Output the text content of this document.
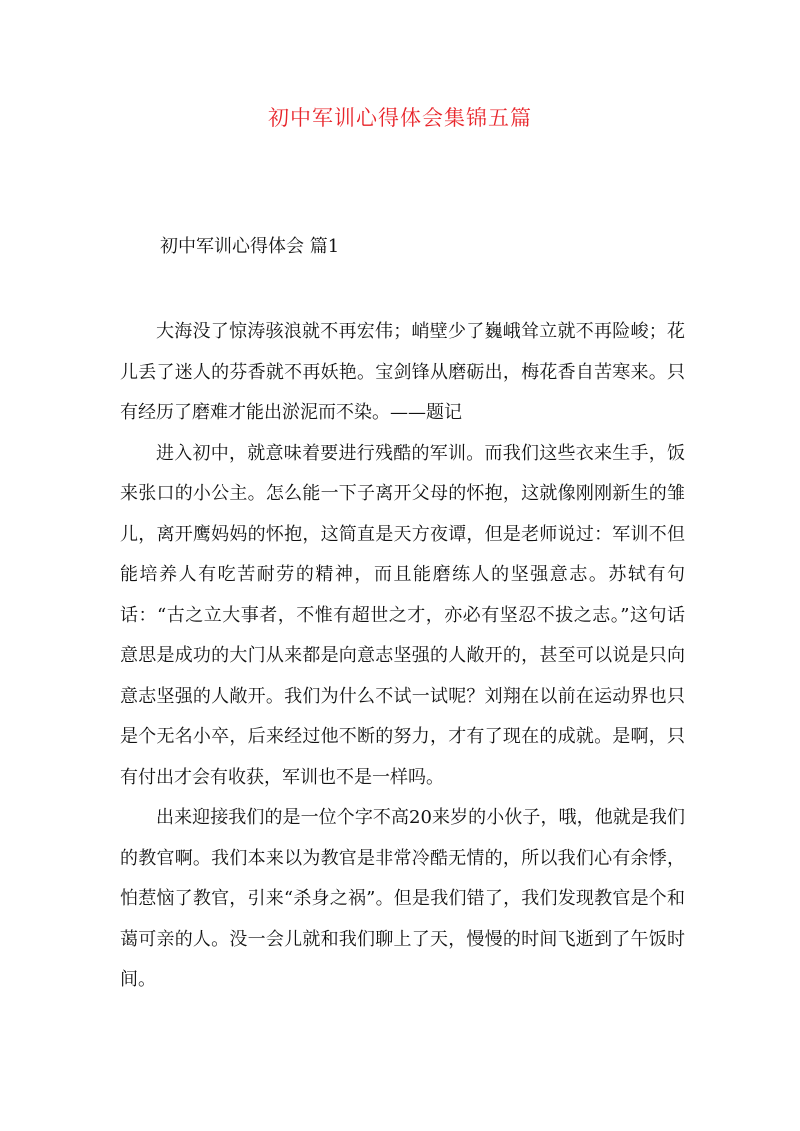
初中军训心得体会集锦五篇
初中军训心得体会 篇1

大海没了惊涛骇浪就不再宏伟；峭壁少了巍峨耸立就不再险峻；花儿丢了迷人的芬香就不再妖艳。宝剑锋从磨砺出，梅花香自苦寒来。只有经历了磨难才能出淤泥而不染。——题记

进入初中，就意味着要进行残酷的军训。而我们这些衣来生手，饭来张口的小公主。怎么能一下子离开父母的怀抱，这就像刚刚新生的雏儿，离开鹰妈妈的怀抱，这简直是天方夜谭，但是老师说过：军训不但能培养人有吃苦耐劳的精神，而且能磨练人的坚强意志。苏轼有句话：“古之立大事者，不惟有超世之才，亦必有坚忍不拔之志。”这句话意思是成功的大门从来都是向意志坚强的人敞开的，甚至可以说是只向意志坚强的人敞开。我们为什么不试一试呢？刘翔在以前在运动界也只是个无名小卒，后来经过他不断的努力，才有了现在的成就。是啊，只有付出才会有收获，军训也不是一样吗。

出来迎接我们的是一位个字不高20来岁的小伙子，哦，他就是我们的教官啊。我们本来以为教官是非常冷酷无情的，所以我们心有余悸，怕惹恼了教官，引来“杀身之祸”。但是我们错了，我们发现教官是个和蔼可亲的人。没一会儿就和我们聊上了天，慢慢的时间飞逝到了午饭时间。
